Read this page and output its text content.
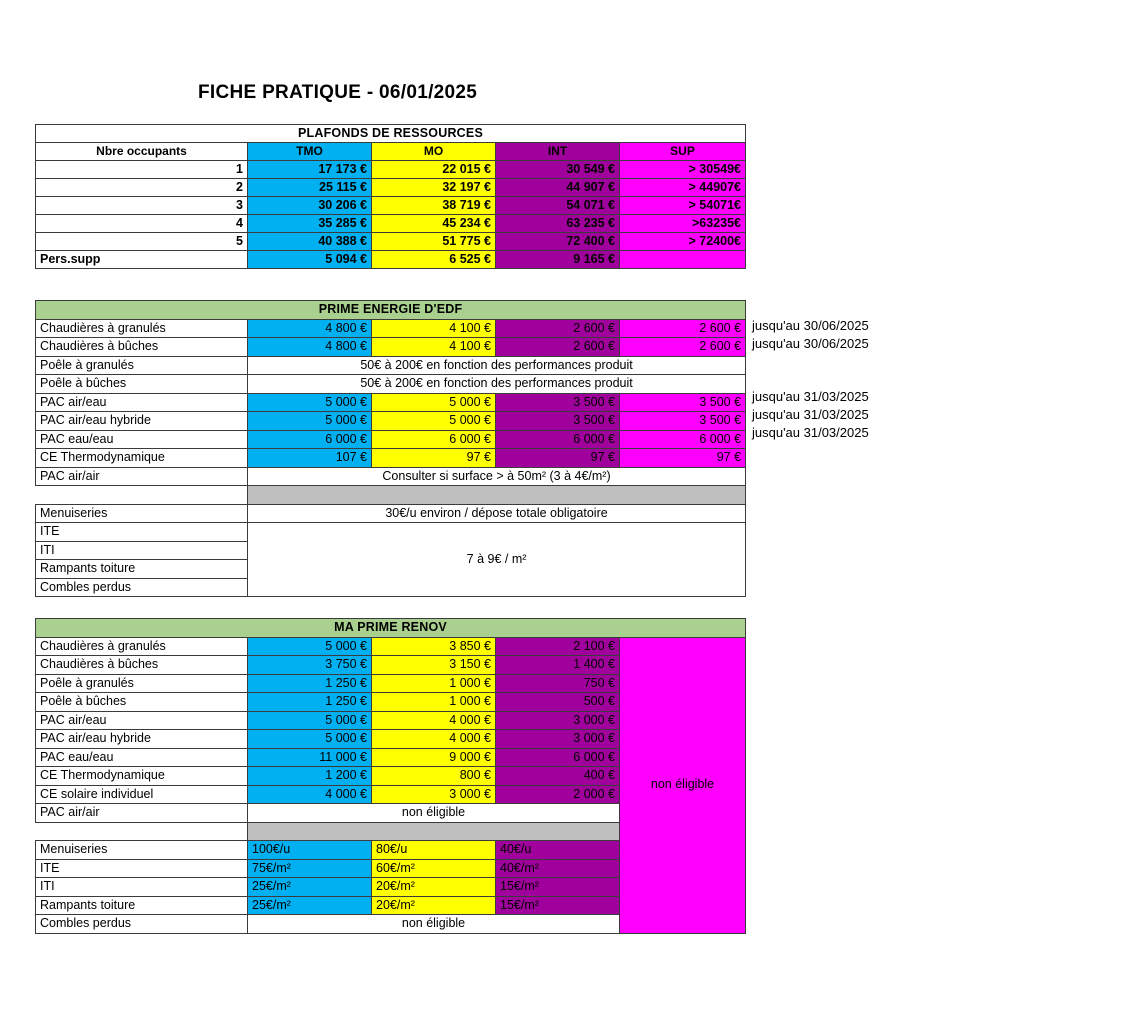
FICHE PRATIQUE - 06/01/2025
PLAFONDS DE RESSOURCES				
Nbre occupants	TMO	MO	INT	SUP
1	17 173 €	22 015 €	30 549 €	> 30549€
2	25 115 €	32 197 €	44 907 €	> 44907€
3	30 206 €	38 719 €	54 071 €	> 54071€
4	35 285 €	45 234 €	63 235 €	>63235€
5	40 388 €	51 775 €	72 400 €	> 72400€
Pers.supp	5 094 €	6 525 €	9 165 €	
PRIME ENERGIE D'EDF				
Chaudières à granulés	4 800 €	4 100 €	2 600 €	2 600 €
Chaudières à bûches	4 800 €	4 100 €	2 600 €	2 600 €
Poêle à granulés	50€ à 200€ en fonction des performances produit			
Poêle à bûches	50€ à 200€ en fonction des performances produit			
PAC air/eau	5 000 €	5 000 €	3 500 €	3 500 €
PAC air/eau hybride	5 000 €	5 000 €	3 500 €	3 500 €
PAC eau/eau	6 000 €	6 000 €	6 000 €	6 000 €
CE Thermodynamique	107 €	97 €	97 €	97 €
PAC air/air	Consulter si surface > à 50m² (3 à 4€/m²)			

Menuiseries	30€/u environ / dépose totale obligatoire			
ITE	7 à 9€ / m²			
ITI				
Rampants toiture				
Combles perdus				
jusqu'au 30/06/2025
jusqu'au 30/06/2025
jusqu'au 31/03/2025
jusqu'au 31/03/2025
jusqu'au 31/03/2025
MA PRIME RENOV				
Chaudières à granulés	5 000 €	3 850 €	2 100 €	non éligible
Chaudières à bûches	3 750 €	3 150 €	1 400 €	
Poêle à granulés	1 250 €	1 000 €	750 €	
Poêle à bûches	1 250 €	1 000 €	500 €	
PAC air/eau	5 000 €	4 000 €	3 000 €	
PAC air/eau hybride	5 000 €	4 000 €	3 000 €	
PAC eau/eau	11 000 €	9 000 €	6 000 €	
CE Thermodynamique	1 200 €	800 €	400 €	
CE solaire individuel	4 000 €	3 000 €	2 000 €	
PAC air/air	non éligible			

Menuiseries	100€/u	80€/u	40€/u	
ITE	75€/m²	60€/m²	40€/m²	
ITI	25€/m²	20€/m²	15€/m²	
Rampants toiture	25€/m²	20€/m²	15€/m²	
Combles perdus	non éligible			
